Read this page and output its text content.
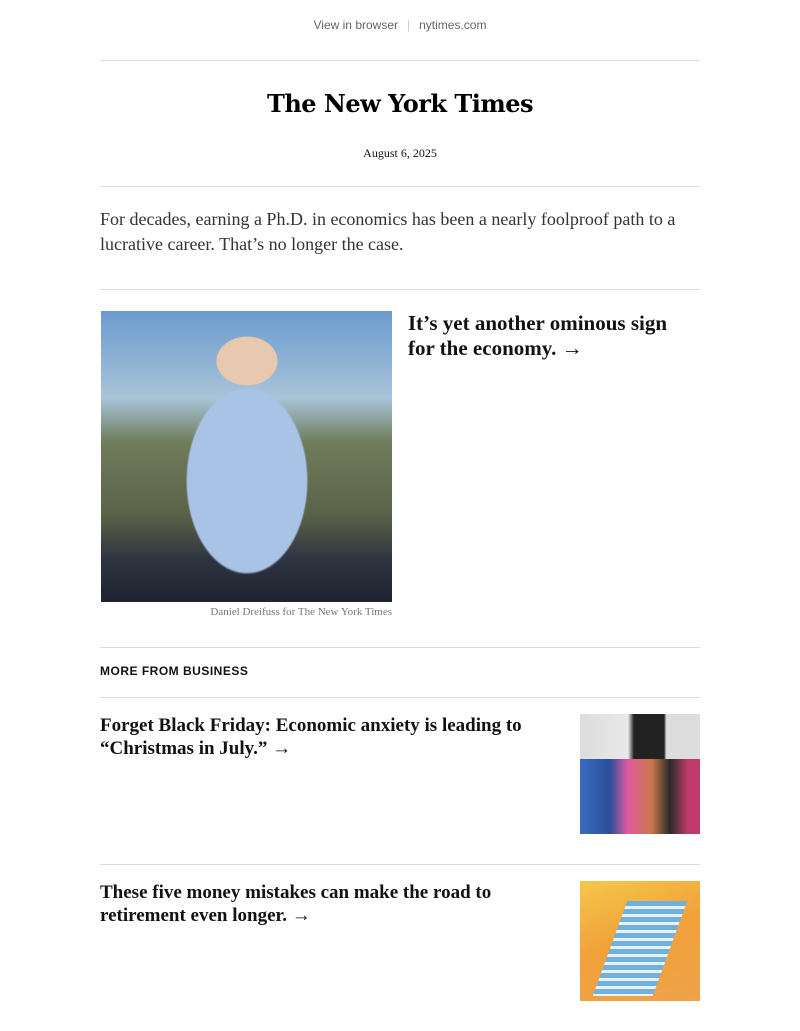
View in browser | nytimes.com
The New York Times
August 6, 2025

For decades, earning a Ph.D. in economics has been a nearly foolproof path to a lucrative career. That’s no longer the case.

Daniel Dreifuss for The New York Times
It’s yet another ominous sign for the economy. →
MORE FROM BUSINESS
Forget Black Friday: Economic anxiety is leading to “Christmas in July.” →
These five money mistakes can make the road to retirement even longer. →
